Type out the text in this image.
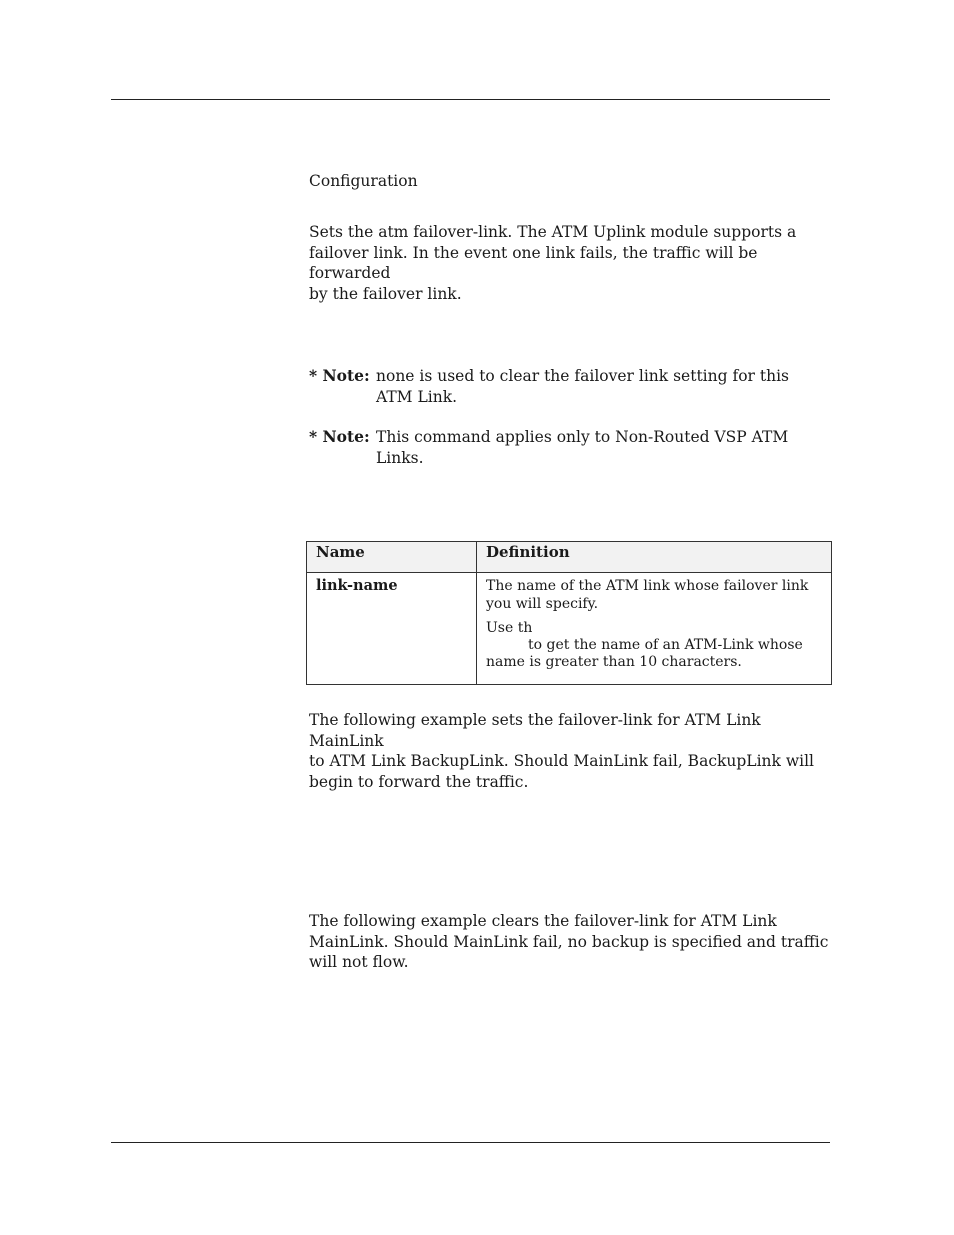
Configuration

Sets the atm failover-link. The ATM Uplink module supports a

failover link. In the event one link fails, the traffic will be forwarded

by the failover link.

* Note: none is used to clear the failover link setting for this
ATM Link.
* Note: This command applies only to Non-Routed VSP ATM
Links.
Name	Definition
link-name	The name of the ATM link whose failover link

you will specify.

Use th
to get the name of an ATM-Link whose
name is greater than 10 characters.

The following example sets the failover-link for ATM Link MainLink

to ATM Link BackupLink. Should MainLink fail, BackupLink will

begin to forward the traffic.

The following example clears the failover-link for ATM Link

MainLink. Should MainLink fail, no backup is specified and traffic

will not flow.
